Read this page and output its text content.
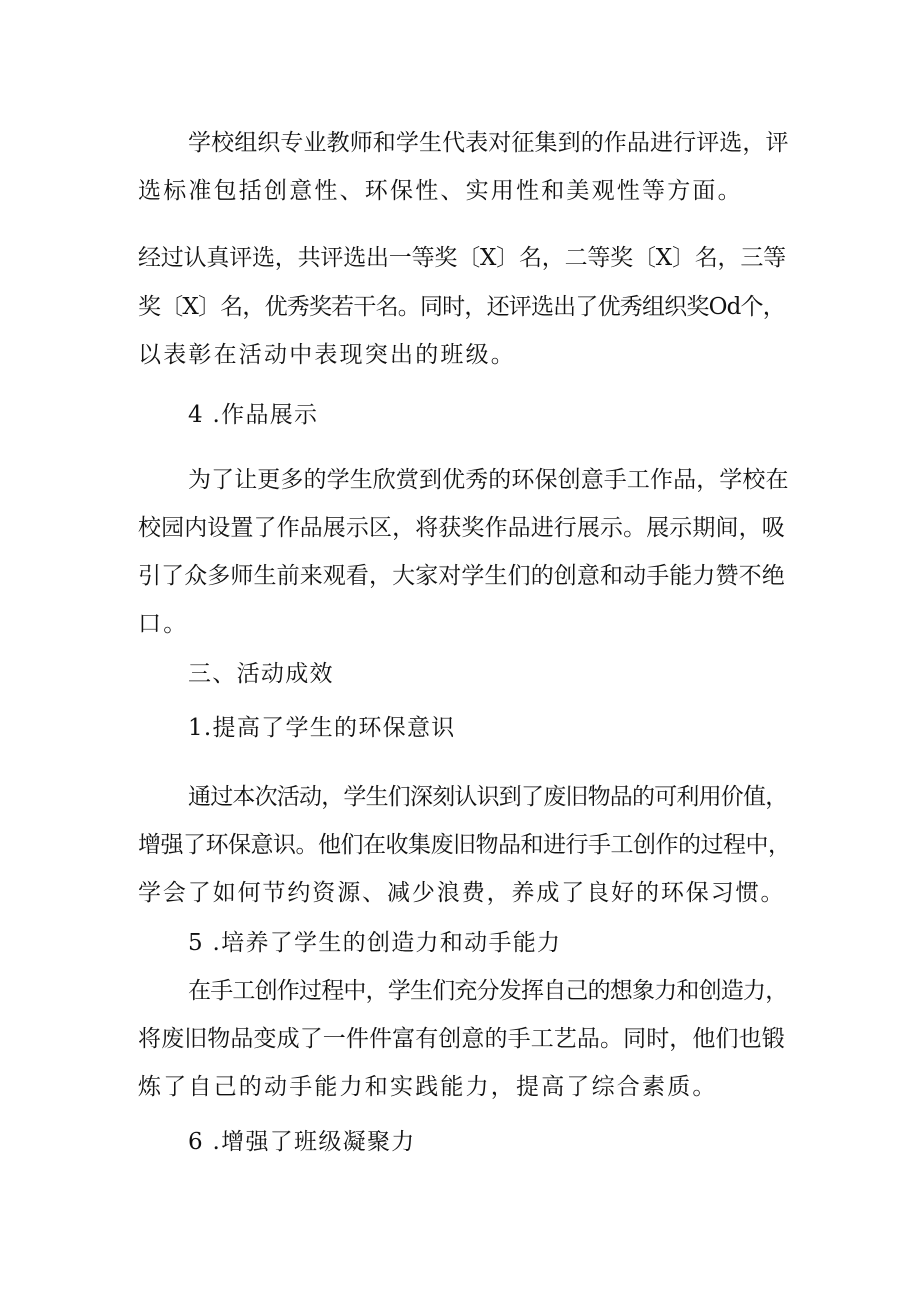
学校组织专业教师和学生代表对征集到的作品进行评选，评
选标准包括创意性、环保性、实用性和美观性等方面。
经过认真评选，共评选出一等奖〔X〕名，二等奖〔X〕名，三等
奖〔X〕名，优秀奖若干名。同时，还评选出了优秀组织奖Od个，
以表彰在活动中表现突出的班级。
4 .作品展示
为了让更多的学生欣赏到优秀的环保创意手工作品，学校在
校园内设置了作品展示区，将获奖作品进行展示。展示期间，吸
引了众多师生前来观看，大家对学生们的创意和动手能力赞不绝
口。
三、活动成效
1.提高了学生的环保意识
通过本次活动，学生们深刻认识到了废旧物品的可利用价值，
增强了环保意识。他们在收集废旧物品和进行手工创作的过程中，
学会了如何节约资源、减少浪费，养成了良好的环保习惯。
5 .培养了学生的创造力和动手能力
在手工创作过程中，学生们充分发挥自己的想象力和创造力，
将废旧物品变成了一件件富有创意的手工艺品。同时，他们也锻
炼了自己的动手能力和实践能力，提高了综合素质。
6 .增强了班级凝聚力
